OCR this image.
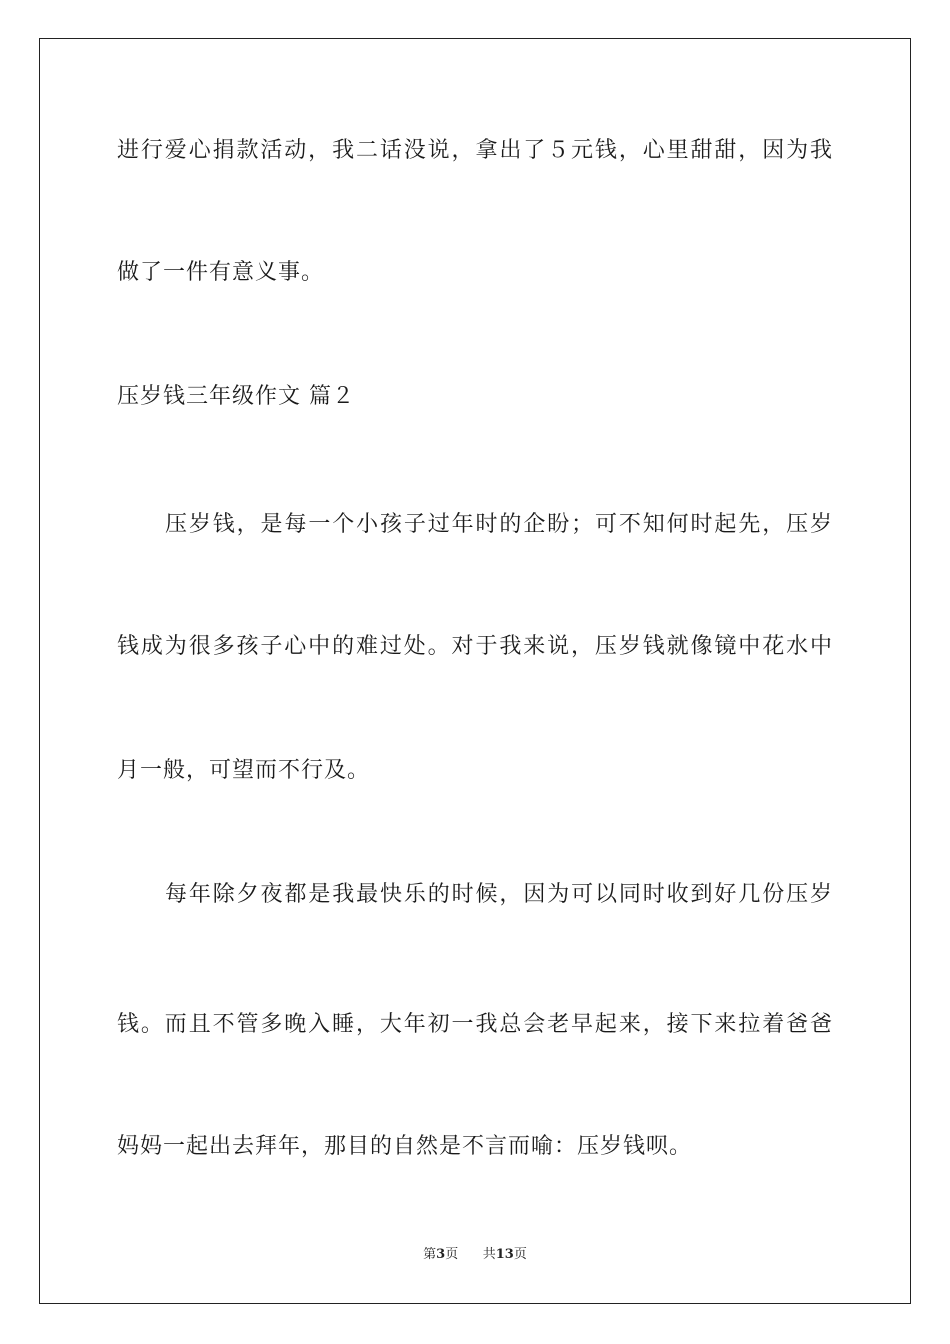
进行爱心捐款活动，我二话没说，拿出了５元钱，心里甜甜，因为我
做了一件有意义事。
压岁钱三年级作文 篇２
压岁钱，是每一个小孩子过年时的企盼；可不知何时起先，压岁
钱成为很多孩子心中的难过处。对于我来说，压岁钱就像镜中花水中
月一般，可望而不行及。
每年除夕夜都是我最快乐的时候，因为可以同时收到好几份压岁
钱。而且不管多晚入睡，大年初一我总会老早起来，接下来拉着爸爸
妈妈一起出去拜年，那目的自然是不言而喻：压岁钱呗。
第3页 共13页
